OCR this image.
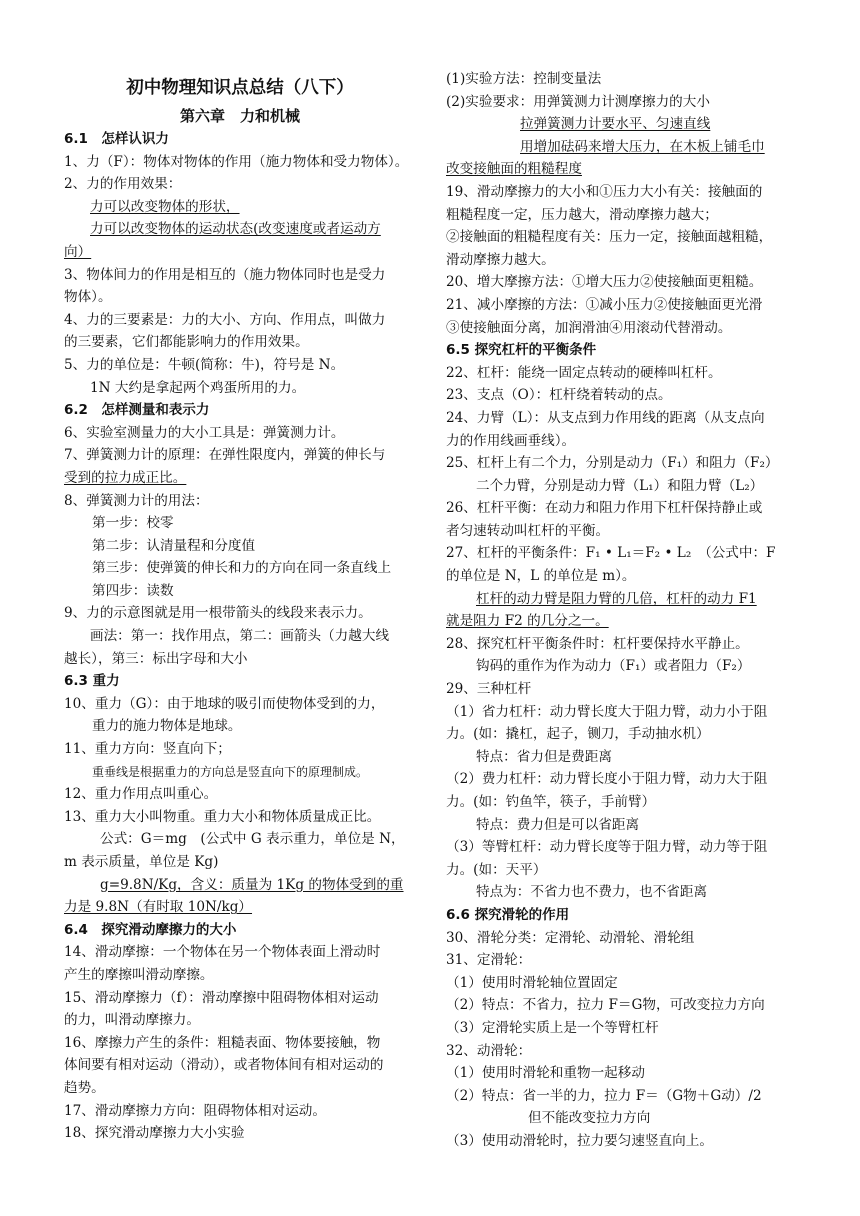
初中物理知识点总结（八下）
第六章　力和机械
6.1　怎样认识力
1、力（F）：物体对物体的作用（施力物体和受力物体）。
2、力的作用效果：
力可以改变物体的形状，
力可以改变物体的运动状态(改变速度或者运动方
向）
3、物体间力的作用是相互的（施力物体同时也是受力
物体）。
4、力的三要素是：力的大小、方向、作用点，叫做力
的三要素，它们都能影响力的作用效果。
5、力的单位是：牛顿(简称：牛)，符号是 N。
1N 大约是拿起两个鸡蛋所用的力。
6.2　怎样测量和表示力
6、实验室测量力的大小工具是：弹簧测力计。
7、弹簧测力计的原理：在弹性限度内，弹簧的伸长与
受到的拉力成正比。
8、弹簧测力计的用法：
第一步：校零
第二步：认清量程和分度值
第三步：使弹簧的伸长和力的方向在同一条直线上
第四步：读数
9、力的示意图就是用一根带箭头的线段来表示力。
画法：第一：找作用点，第二：画箭头（力越大线
越长），第三：标出字母和大小
6.3 重力
10、重力（G）：由于地球的吸引而使物体受到的力，
重力的施力物体是地球。
11、重力方向：竖直向下；
重垂线是根据重力的方向总是竖直向下的原理制成。
12、重力作用点叫重心。
13、重力大小叫物重。重力大小和物体质量成正比。
公式：G＝mg　(公式中 G 表示重力，单位是 N，
m 表示质量，单位是 Kg)
g=9.8N/Kg，含义：质量为 1Kg 的物体受到的重
力是 9.8N（有时取 10N/kg）
6.4　探究滑动摩擦力的大小
14、滑动摩擦：一个物体在另一个物体表面上滑动时
产生的摩擦叫滑动摩擦。
15、滑动摩擦力（f）：滑动摩擦中阻碍物体相对运动
的力，叫滑动摩擦力。
16、摩擦力产生的条件：粗糙表面、物体要接触，物
体间要有相对运动（滑动），或者物体间有相对运动的
趋势。
17、滑动摩擦力方向：阻碍物体相对运动。
18、探究滑动摩擦力大小实验
(1)实验方法：控制变量法
(2)实验要求：用弹簧测力计测摩擦力的大小
拉弹簧测力计要水平、匀速直线
用增加砝码来增大压力，在木板上铺毛巾
改变接触面的粗糙程度
19、滑动摩擦力的大小和①压力大小有关：接触面的
粗糙程度一定，压力越大，滑动摩擦力越大；
②接触面的粗糙程度有关：压力一定，接触面越粗糙，
滑动摩擦力越大。
20、增大摩擦方法：①增大压力②使接触面更粗糙。
21、减小摩擦的方法：①减小压力②使接触面更光滑
③使接触面分离，加润滑油④用滚动代替滑动。
6.5 探究杠杆的平衡条件
22、杠杆：能绕一固定点转动的硬棒叫杠杆。
23、支点（O）：杠杆绕着转动的点。
24、力臂（L）：从支点到力作用线的距离（从支点向
力的作用线画垂线）。
25、杠杆上有二个力，分别是动力（F₁）和阻力（F₂）
二个力臂，分别是动力臂（L₁）和阻力臂（L₂）
26、杠杆平衡：在动力和阻力作用下杠杆保持静止或
者匀速转动叫杠杆的平衡。
27、杠杆的平衡条件：F₁ • L₁＝F₂ • L₂　（公式中：F
的单位是 N，L 的单位是 m）。
杠杆的动力臂是阻力臂的几倍，杠杆的动力 F1
就是阻力 F2 的几分之一。
28、探究杠杆平衡条件时：杠杆要保持水平静止。
钩码的重作为作为动力（F₁）或者阻力（F₂）
29、三种杠杆
（1）省力杠杆：动力臂长度大于阻力臂，动力小于阻
力。(如：撬杠，起子，铡刀，手动抽水机）
特点：省力但是费距离
（2）费力杠杆：动力臂长度小于阻力臂，动力大于阻
力。(如：钓鱼竿，筷子，手前臂）
特点：费力但是可以省距离
（3）等臂杠杆：动力臂长度等于阻力臂，动力等于阻
力。(如：天平）
特点为：不省力也不费力，也不省距离
6.6 探究滑轮的作用
30、滑轮分类：定滑轮、动滑轮、滑轮组
31、定滑轮：
（1）使用时滑轮轴位置固定
（2）特点：不省力，拉力 F＝G物，可改变拉力方向
（3）定滑轮实质上是一个等臂杠杆
32、动滑轮：
（1）使用时滑轮和重物一起移动
（2）特点：省一半的力，拉力 F＝（G物＋G动）/2
但不能改变拉力方向
（3）使用动滑轮时，拉力要匀速竖直向上。
